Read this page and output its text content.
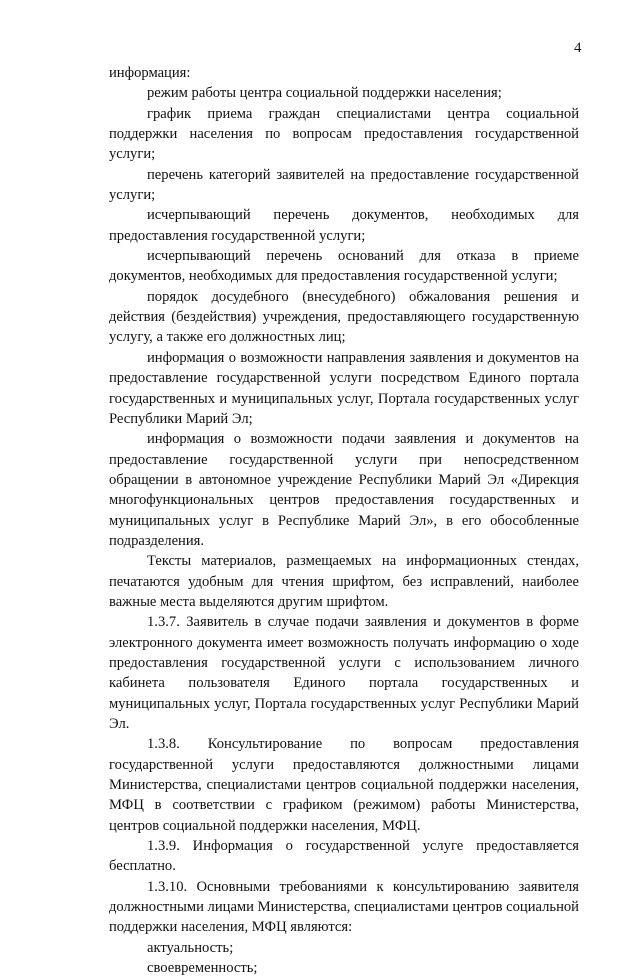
4

информация:

режим работы центра социальной поддержки населения;

график приема граждан специалистами центра социальной поддержки населения по вопросам предоставления государственной услуги;

перечень категорий заявителей на предоставление государственной услуги;

исчерпывающий перечень документов, необходимых для предоставления государственной услуги;

исчерпывающий перечень оснований для отказа в приеме документов, необходимых для предоставления государственной услуги;

порядок досудебного (внесудебного) обжалования решения и действия (бездействия) учреждения, предоставляющего государственную услугу, а также его должностных лиц;

информация о возможности направления заявления и документов на предоставление государственной услуги посредством Единого портала государственных и муниципальных услуг, Портала государственных услуг Республики Марий Эл;

информация о возможности подачи заявления и документов на предоставление государственной услуги при непосредственном обращении в автономное учреждение Республики Марий Эл «Дирекция многофункциональных центров предоставления государственных и муниципальных услуг в Республике Марий Эл», в его обособленные подразделения.

Тексты материалов, размещаемых на информационных стендах, печатаются удобным для чтения шрифтом, без исправлений, наиболее важные места выделяются другим шрифтом.

1.3.7. Заявитель в случае подачи заявления и документов в форме электронного документа имеет возможность получать информацию о ходе предоставления государственной услуги с использованием личного кабинета пользователя Единого портала государственных и муниципальных услуг, Портала государственных услуг Республики Марий Эл.

1.3.8. Консультирование по вопросам предоставления государственной услуги предоставляются должностными лицами Министерства, специалистами центров социальной поддержки населения, МФЦ в соответствии с графиком (режимом) работы Министерства, центров социальной поддержки населения, МФЦ.

1.3.9. Информация о государственной услуге предоставляется бесплатно.

1.3.10. Основными требованиями к консультированию заявителя должностными лицами Министерства, специалистами центров социальной поддержки населения, МФЦ являются:

актуальность;

своевременность;
